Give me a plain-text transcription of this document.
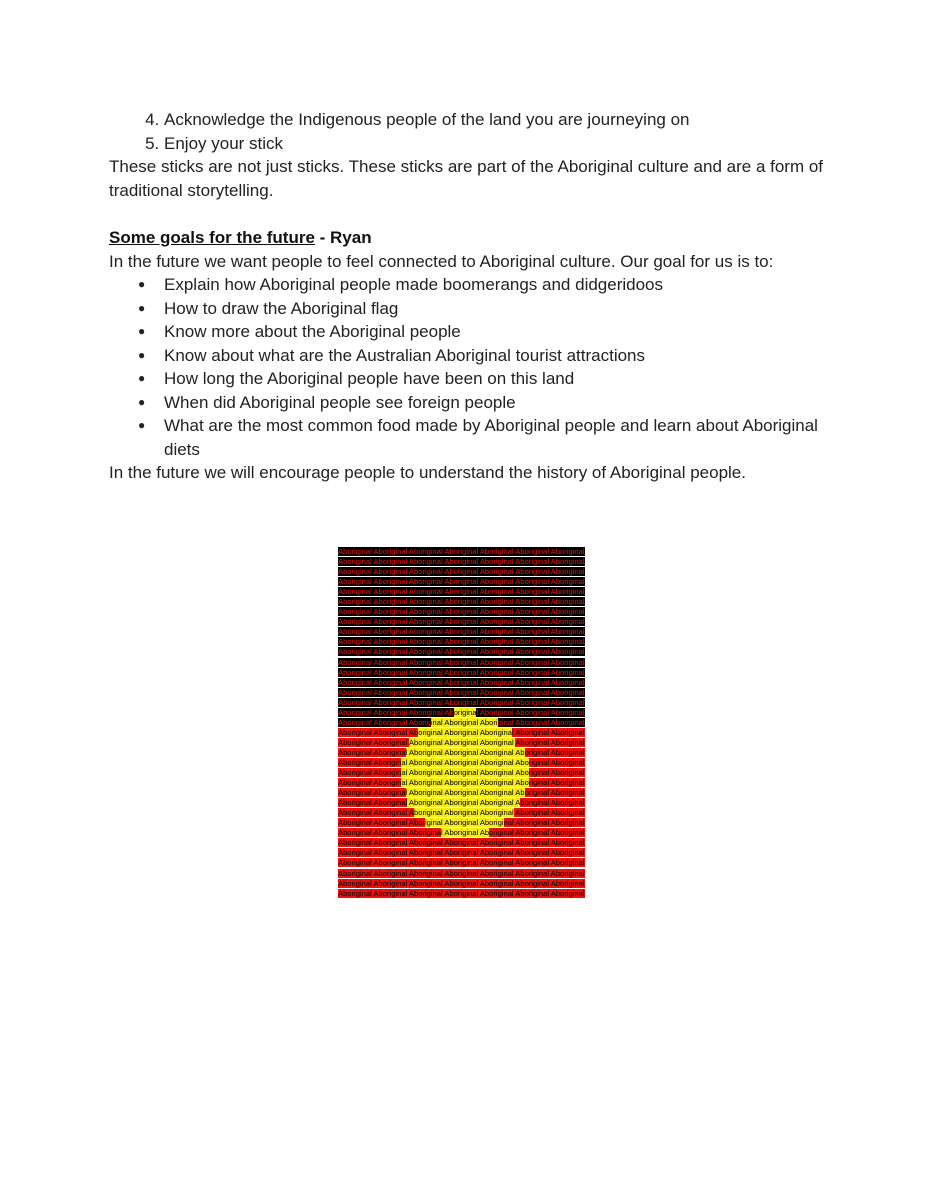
4. Acknowledge the Indigenous people of the land you are journeying on
5. Enjoy your stick

These sticks are not just sticks. These sticks are part of the Aboriginal culture and are a form of traditional storytelling.

Some goals for the future - Ryan

In the future we want people to feel connected to Aboriginal culture. Our goal for us is to:

● Explain how Aboriginal people made boomerangs and didgeridoos
● How to draw the Aboriginal flag
● Know more about the Aboriginal people
● Know about what are the Australian Aboriginal tourist attractions
● How long the Aboriginal people have been on this land
● When did Aboriginal people see foreign people
● What are the most common food made by Aboriginal people and learn about Aboriginal diets

In the future we will encourage people to understand the history of Aboriginal people.

Aboriginal Aboriginal Aboriginal Aboriginal Aboriginal Aboriginal Aboriginal
Aboriginal Aboriginal Aboriginal Aboriginal Aboriginal Aboriginal Aboriginal
Aboriginal Aboriginal Aboriginal Aboriginal Aboriginal Aboriginal Aboriginal
Aboriginal Aboriginal Aboriginal Aboriginal Aboriginal Aboriginal Aboriginal
Aboriginal Aboriginal Aboriginal Aboriginal Aboriginal Aboriginal Aboriginal
Aboriginal Aboriginal Aboriginal Aboriginal Aboriginal Aboriginal Aboriginal
Aboriginal Aboriginal Aboriginal Aboriginal Aboriginal Aboriginal Aboriginal
Aboriginal Aboriginal Aboriginal Aboriginal Aboriginal Aboriginal Aboriginal
Aboriginal Aboriginal Aboriginal Aboriginal Aboriginal Aboriginal Aboriginal
Aboriginal Aboriginal Aboriginal Aboriginal Aboriginal Aboriginal Aboriginal
Aboriginal Aboriginal Aboriginal Aboriginal Aboriginal Aboriginal Aboriginal
Aboriginal Aboriginal Aboriginal Aboriginal Aboriginal Aboriginal Aboriginal
Aboriginal Aboriginal Aboriginal Aboriginal Aboriginal Aboriginal Aboriginal
Aboriginal Aboriginal Aboriginal Aboriginal Aboriginal Aboriginal Aboriginal
Aboriginal Aboriginal Aboriginal Aboriginal Aboriginal Aboriginal Aboriginal
Aboriginal Aboriginal Aboriginal Aboriginal Aboriginal Aboriginal Aboriginal
Aboriginal Aboriginal Aboriginal Aboriginal Aboriginal Aboriginal Aboriginal
Aboriginal Aboriginal Aboriginal Aboriginal Aboriginal Aboriginal Aboriginal
Aboriginal Aboriginal Aboriginal Aboriginal Aboriginal Aboriginal Aboriginal
Aboriginal Aboriginal Aboriginal Aboriginal Aboriginal Aboriginal Aboriginal
Aboriginal Aboriginal Aboriginal Aboriginal Aboriginal Aboriginal Aboriginal
Aboriginal Aboriginal Aboriginal Aboriginal Aboriginal Aboriginal Aboriginal
Aboriginal Aboriginal Aboriginal Aboriginal Aboriginal Aboriginal Aboriginal
Aboriginal Aboriginal Aboriginal Aboriginal Aboriginal Aboriginal Aboriginal
Aboriginal Aboriginal Aboriginal Aboriginal Aboriginal Aboriginal Aboriginal
Aboriginal Aboriginal Aboriginal Aboriginal Aboriginal Aboriginal Aboriginal
Aboriginal Aboriginal Aboriginal Aboriginal Aboriginal Aboriginal Aboriginal
Aboriginal Aboriginal Aboriginal Aboriginal Aboriginal Aboriginal Aboriginal
Aboriginal Aboriginal Aboriginal Aboriginal Aboriginal Aboriginal Aboriginal
Aboriginal Aboriginal Aboriginal Aboriginal Aboriginal Aboriginal Aboriginal
Aboriginal Aboriginal Aboriginal Aboriginal Aboriginal Aboriginal Aboriginal
Aboriginal Aboriginal Aboriginal Aboriginal Aboriginal Aboriginal Aboriginal
Aboriginal Aboriginal Aboriginal Aboriginal Aboriginal Aboriginal Aboriginal
Aboriginal Aboriginal Aboriginal Aboriginal Aboriginal Aboriginal Aboriginal
Aboriginal Aboriginal Aboriginal Aboriginal Aboriginal Aboriginal Aboriginal
